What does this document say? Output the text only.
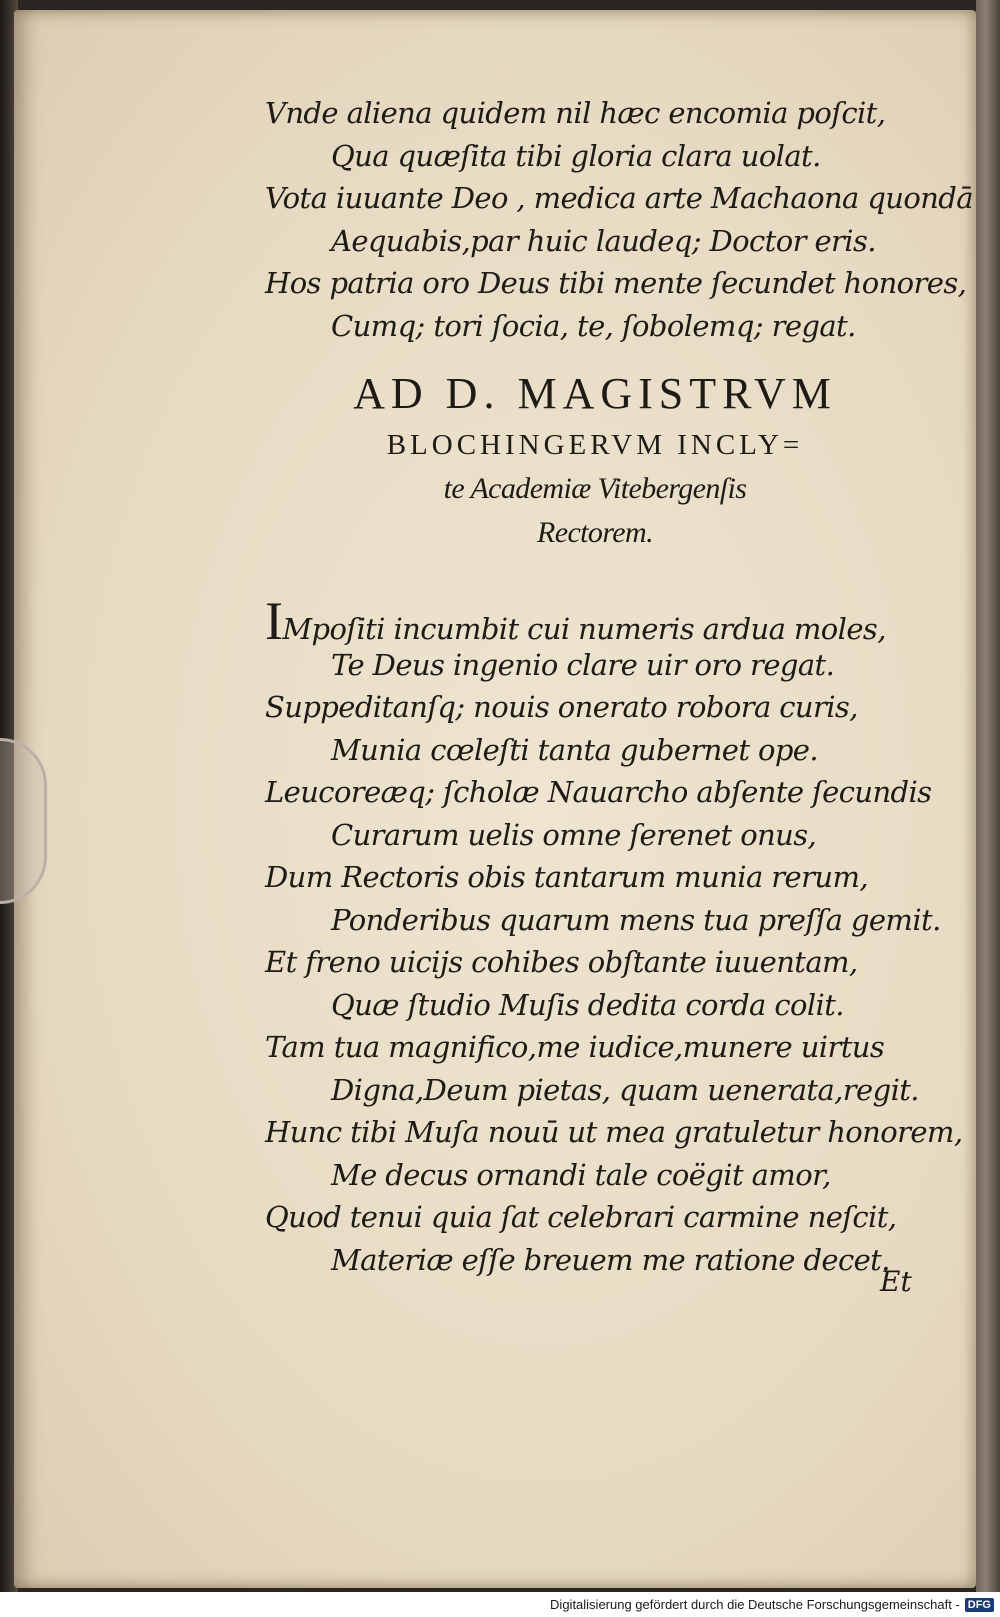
Vnde aliena quidem nil hæc encomia poſcit,
Qua quæſita tibi gloria clara uolat.
Vota iuuante Deo , medica arte Machaona quondā
Aequabis,par huic laudeq; Doctor eris.
Hos patria oro Deus tibi mente ſecundet honores,
Cumq; tori ſocia, te, ſobolemq; regat.
AD D. MAGISTRVM
BLOCHINGERVM INCLY=
te Academiæ Vitebergenſis
Rectorem.
IMpoſiti incumbit cui numeris ardua moles,
Te Deus ingenio clare uir oro regat.
Suppeditanſq; nouis onerato robora curis,
Munia cœleſti tanta gubernet ope.
Leucoreæq; ſcholæ Nauarcho abſente ſecundis
Curarum uelis omne ſerenet onus,
Dum Rectoris obis tantarum munia rerum,
Ponderibus quarum mens tua preſſa gemit.
Et freno uicijs cohibes obſtante iuuentam,
Quæ ſtudio Muſis dedita corda colit.
Tam tua magnifico,me iudice,munere uirtus
Digna,Deum pietas, quam uenerata,regit.
Hunc tibi Muſa nouū ut mea gratuletur honorem,
Me decus ornandi tale coëgit amor,
Quod tenui quia ſat celebrari carmine neſcit,
Materiæ eſſe breuem me ratione decet.
Et
Digitalisierung gefördert durch die Deutsche Forschungsgemeinschaft - DFG
